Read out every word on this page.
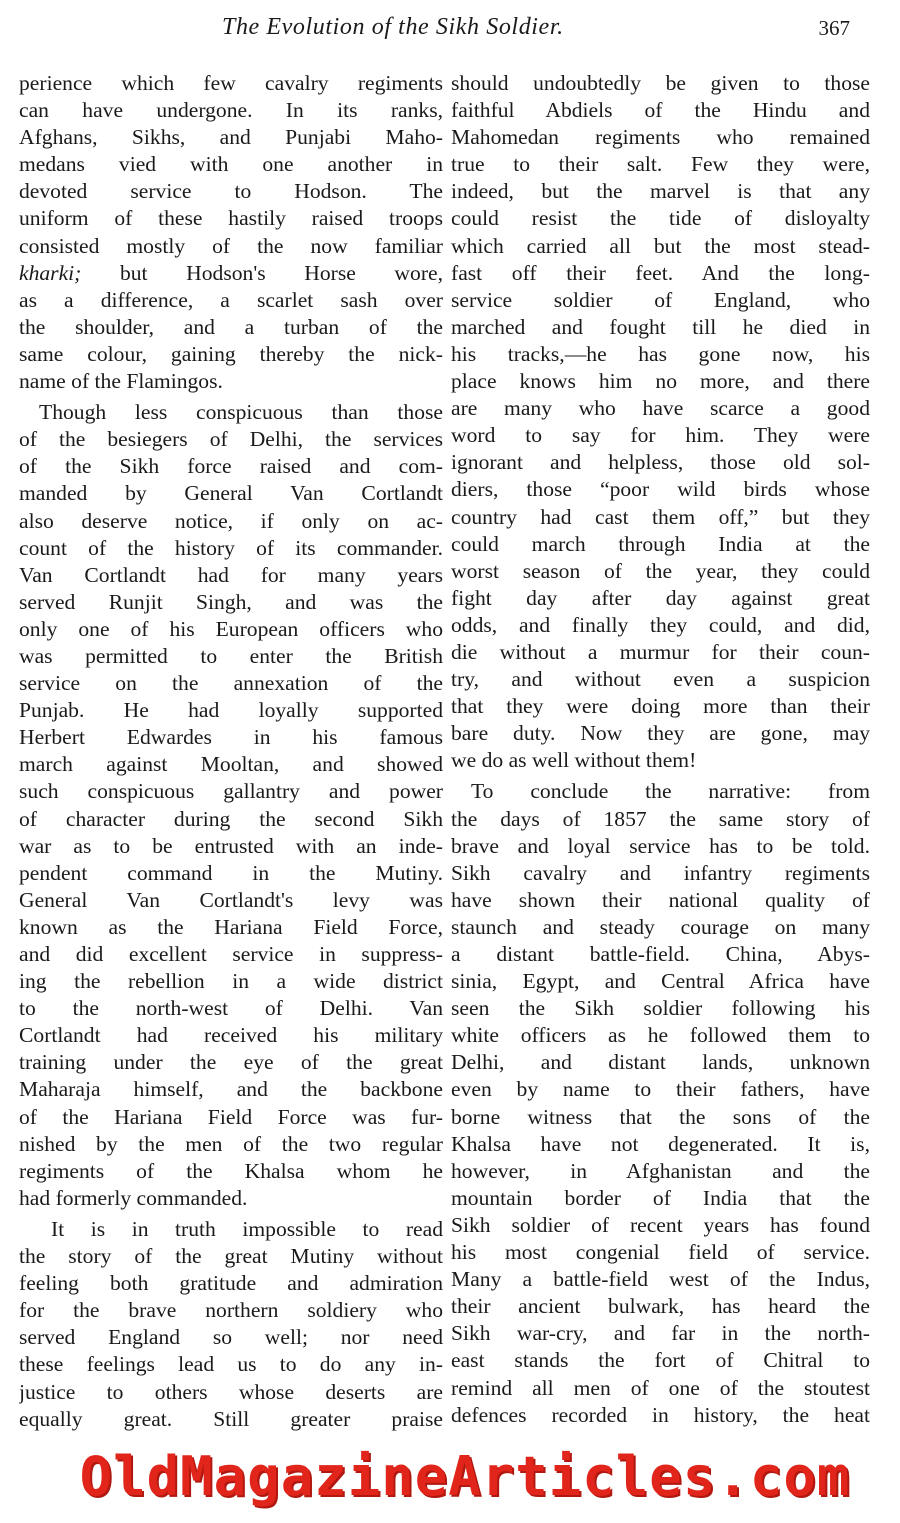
The Evolution of the Sikh Soldier.	367
perience which few cavalry regiments
can have undergone. In its ranks,
Afghans, Sikhs, and Punjabi Maho-
medans vied with one another in
devoted service to Hodson. The
uniform of these hastily raised troops
consisted mostly of the now familiar
kharki; but Hodson's Horse wore,
as a difference, a scarlet sash over
the shoulder, and a turban of the
same colour, gaining thereby the nick-
name of the Flamingos.
Though less conspicuous than those
of the besiegers of Delhi, the services
of the Sikh force raised and com-
manded by General Van Cortlandt
also deserve notice, if only on ac-
count of the history of its commander.
Van Cortlandt had for many years
served Runjit Singh, and was the
only one of his European officers who
was permitted to enter the British
service on the annexation of the
Punjab. He had loyally supported
Herbert Edwardes in his famous
march against Mooltan, and showed
such conspicuous gallantry and power
of character during the second Sikh
war as to be entrusted with an inde-
pendent command in the Mutiny.
General Van Cortlandt's levy was
known as the Hariana Field Force,
and did excellent service in suppress-
ing the rebellion in a wide district
to the north-west of Delhi. Van
Cortlandt had received his military
training under the eye of the great
Maharaja himself, and the backbone
of the Hariana Field Force was fur-
nished by the men of the two regular
regiments of the Khalsa whom he
had formerly commanded.
It is in truth impossible to read
the story of the great Mutiny without
feeling both gratitude and admiration
for the brave northern soldiery who
served England so well; nor need
these feelings lead us to do any in-
justice to others whose deserts are
equally great. Still greater praise
should undoubtedly be given to those
faithful Abdiels of the Hindu and
Mahomedan regiments who remained
true to their salt. Few they were,
indeed, but the marvel is that any
could resist the tide of disloyalty
which carried all but the most stead-
fast off their feet. And the long-
service soldier of England, who
marched and fought till he died in
his tracks,—he has gone now, his
place knows him no more, and there
are many who have scarce a good
word to say for him. They were
ignorant and helpless, those old sol-
diers, those “poor wild birds whose
country had cast them off,” but they
could march through India at the
worst season of the year, they could
fight day after day against great
odds, and finally they could, and did,
die without a murmur for their coun-
try, and without even a suspicion
that they were doing more than their
bare duty. Now they are gone, may
we do as well without them!
To conclude the narrative: from
the days of 1857 the same story of
brave and loyal service has to be told.
Sikh cavalry and infantry regiments
have shown their national quality of
staunch and steady courage on many
a distant battle-field. China, Abys-
sinia, Egypt, and Central Africa have
seen the Sikh soldier following his
white officers as he followed them to
Delhi, and distant lands, unknown
even by name to their fathers, have
borne witness that the sons of the
Khalsa have not degenerated. It is,
however, in Afghanistan and the
mountain border of India that the
Sikh soldier of recent years has found
his most congenial field of service.
Many a battle-field west of the Indus,
their ancient bulwark, has heard the
Sikh war-cry, and far in the north-
east stands the fort of Chitral to
remind all men of one of the stoutest
defences recorded in history, the heat
OldMagazineArticles.com
